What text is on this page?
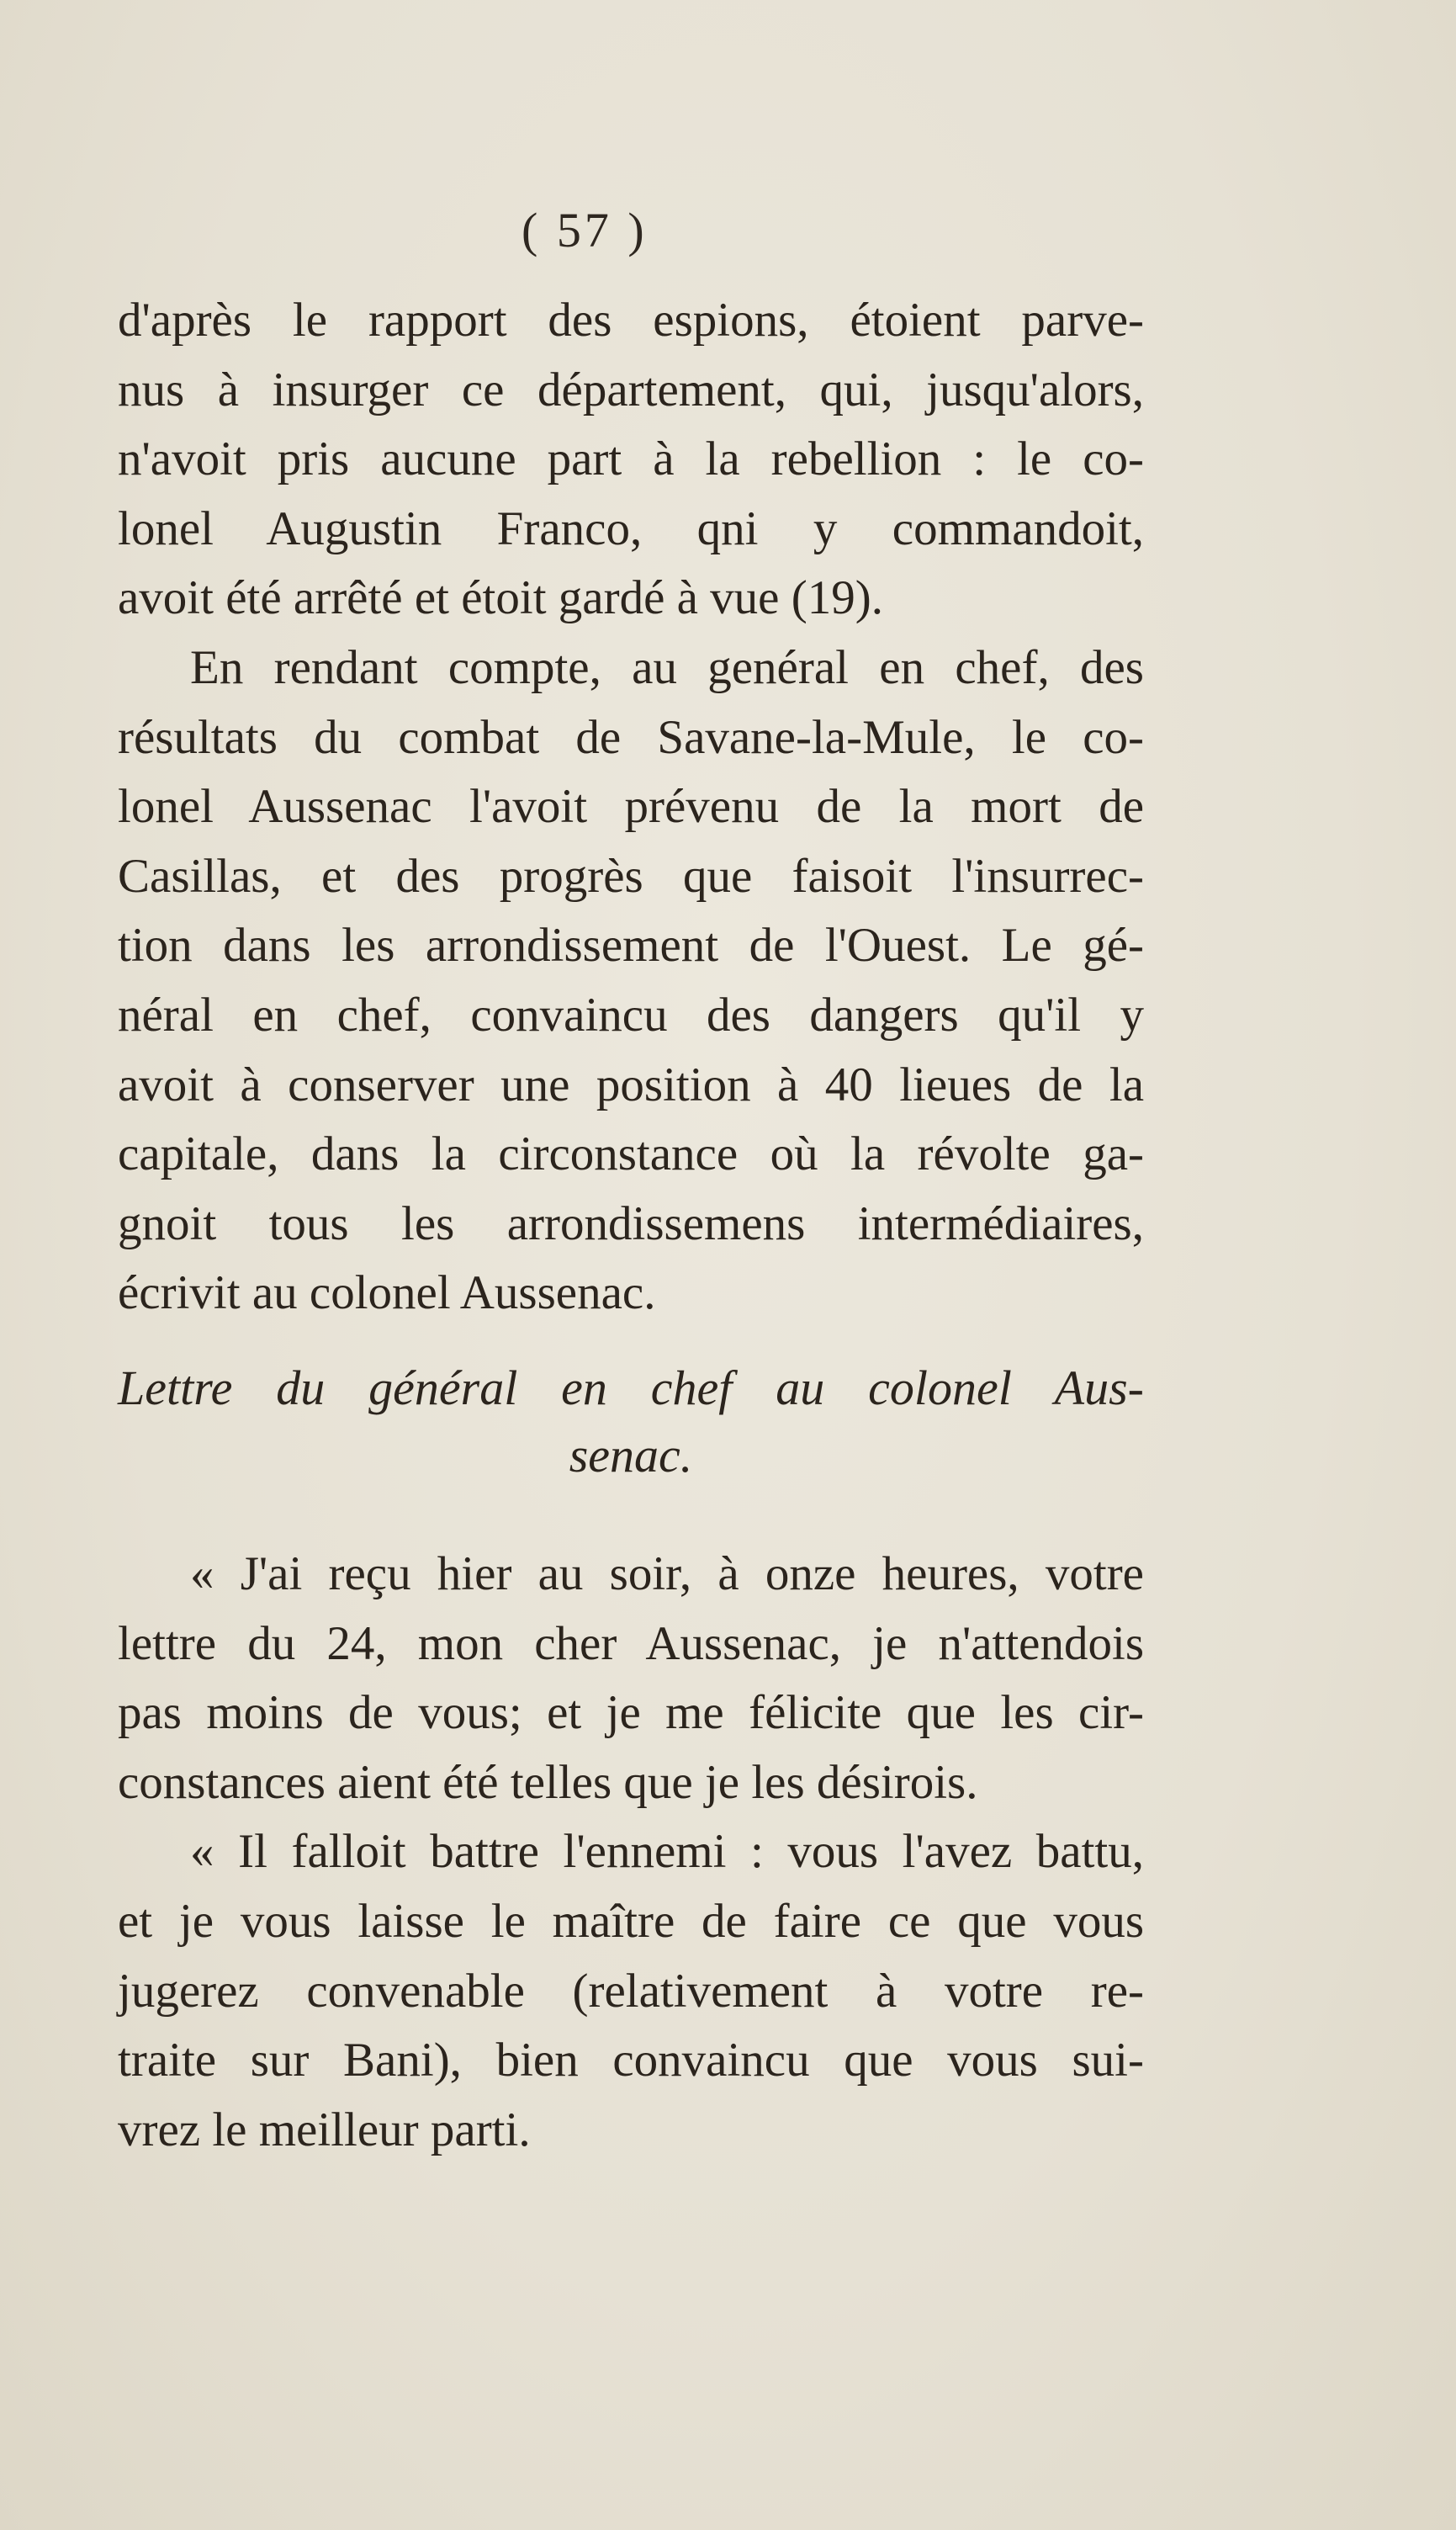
( 57 )
d'après le rapport des espions, étoient parve-
nus à insurger ce département, qui, jusqu'alors,
n'avoit pris aucune part à la rebellion : le co-
lonel Augustin Franco, qni y commandoit,
avoit été arrêté et étoit gardé à vue (19).
En rendant compte, au genéral en chef, des
résultats du combat de Savane-la-Mule, le co-
lonel Aussenac l'avoit prévenu de la mort de
Casillas, et des progrès que faisoit l'insurrec-
tion dans les arrondissement de l'Ouest. Le gé-
néral en chef, convaincu des dangers qu'il y
avoit à conserver une position à 40 lieues de la
capitale, dans la circonstance où la révolte ga-
gnoit tous les arrondissemens intermédiaires,
écrivit au colonel Aussenac.
Lettre du général en chef au colonel Aus-
senac.
« J'ai reçu hier au soir, à onze heures, votre
lettre du 24, mon cher Aussenac, je n'attendois
pas moins de vous; et je me félicite que les cir-
constances aient été telles que je les désirois.
« Il falloit battre l'ennemi : vous l'avez battu,
et je vous laisse le maître de faire ce que vous
jugerez convenable (relativement à votre re-
traite sur Bani), bien convaincu que vous sui-
vrez le meilleur parti.
